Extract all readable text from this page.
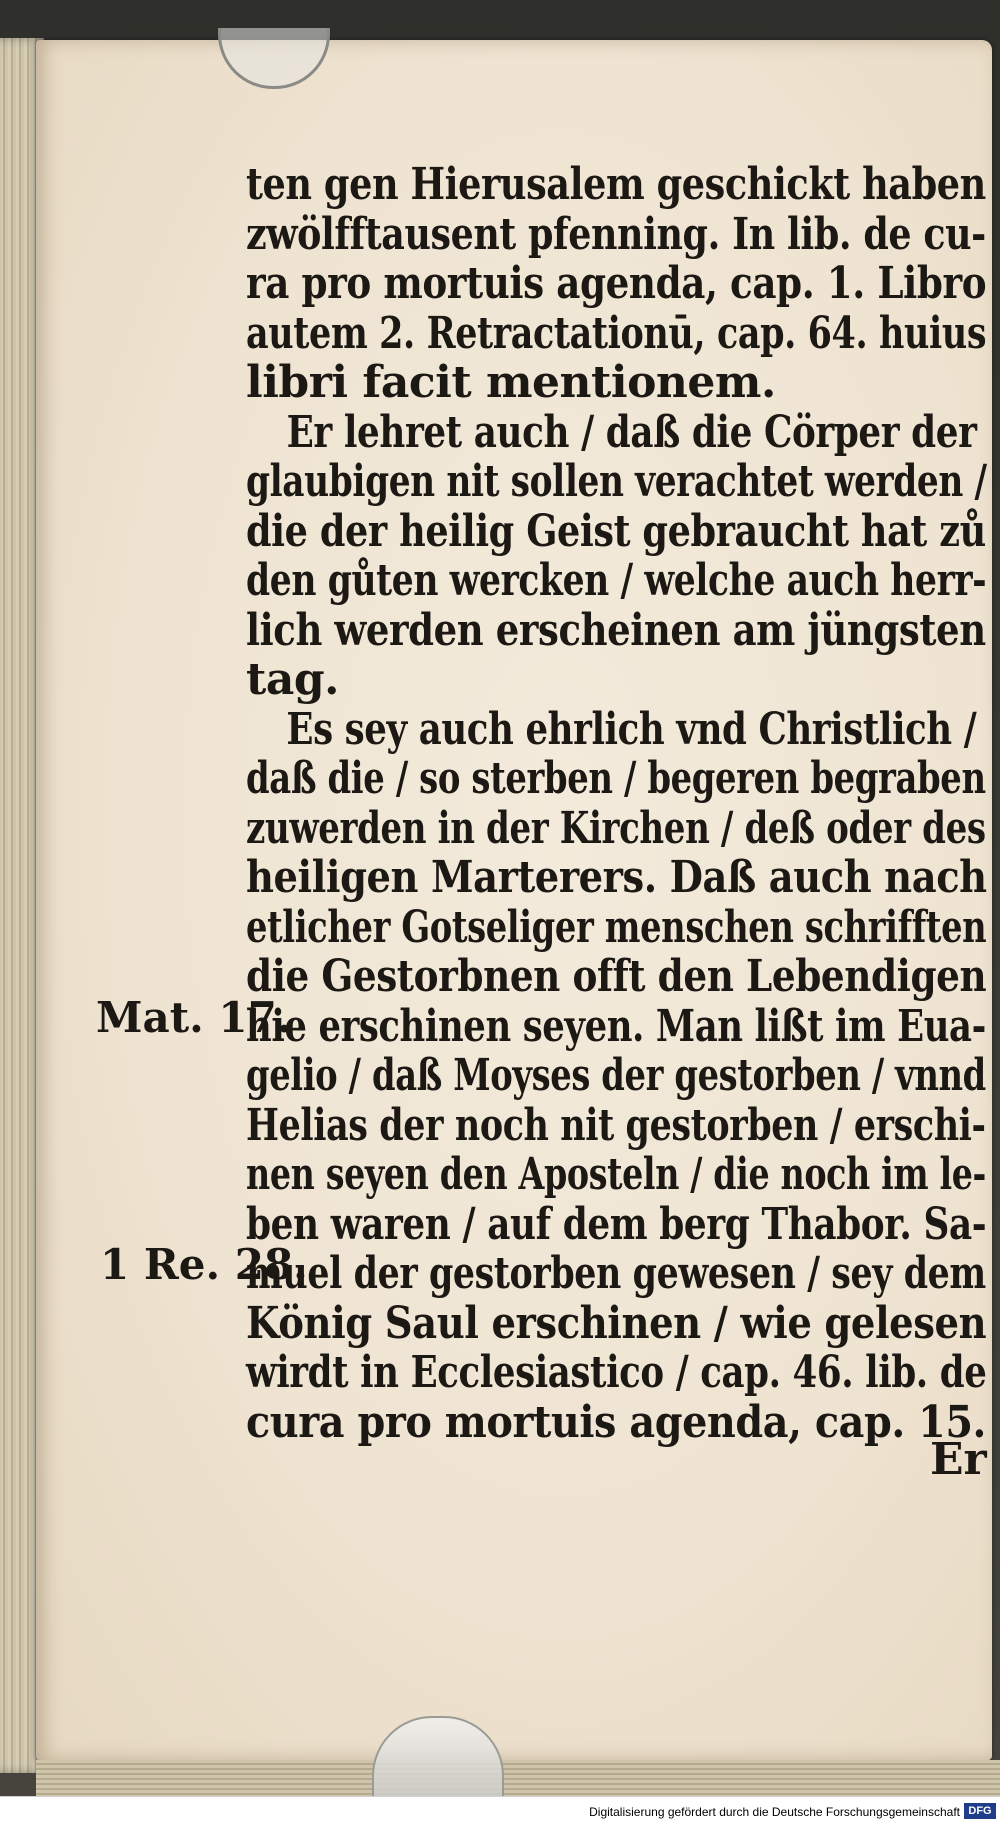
ten gen Hierusalem geschickt haben
zwölfftausent pfenning. In lib. de cu-
ra pro mortuis agenda, cap. 1. Libro
autem 2. Retractationū, cap. 64. huius
libri facit mentionem.
Er lehret auch / daß die Cörper der
glaubigen nit sollen verachtet werden /
die der heilig Geist gebraucht hat zů
den gůten wercken / welche auch herr-
lich werden erscheinen am jüngsten
tag.
Es sey auch ehrlich vnd Christlich /
daß die / so sterben / begeren begraben
zuwerden in der Kirchen / deß oder des
heiligen Marterers. Daß auch nach
etlicher Gotseliger menschen schrifften
die Gestorbnen offt den Lebendigen
hie erschinen seyen. Man lißt im Eua-
gelio / daß Moyses der gestorben / vnnd
Helias der noch nit gestorben / erschi-
nen seyen den Aposteln / die noch im le-
ben waren / auf dem berg Thabor. Sa-
muel der gestorben gewesen / sey dem
König Saul erschinen / wie gelesen
wirdt in Ecclesiastico / cap. 46. lib. de
cura pro mortuis agenda, cap. 15.
Mat. 17.
1 Re. 28.
Er
Digitalisierung gefördert durch die Deutsche Forschungsgemeinschaft DFG
